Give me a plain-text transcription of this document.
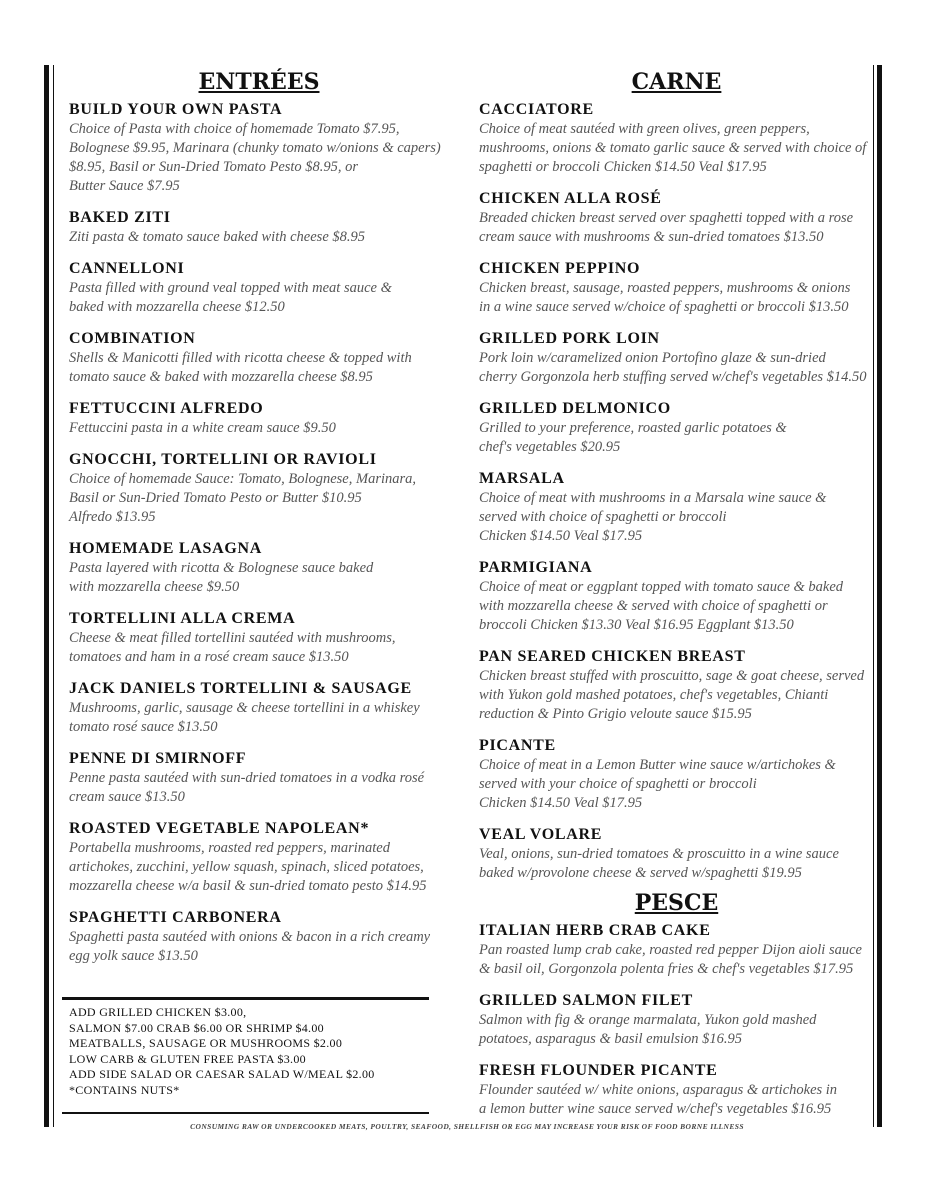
ENTRÉES
BUILD YOUR OWN PASTA
Choice of Pasta with choice of homemade Tomato $7.95,
Bolognese $9.95, Marinara (chunky tomato w/onions & capers)
$8.95, Basil or Sun-Dried Tomato Pesto $8.95, or
Butter Sauce $7.95
BAKED ZITI
Ziti pasta & tomato sauce baked with cheese $8.95
CANNELLONI
Pasta filled with ground veal topped with meat sauce &
baked with mozzarella cheese $12.50
COMBINATION
Shells & Manicotti filled with ricotta cheese & topped with
tomato sauce & baked with mozzarella cheese $8.95
FETTUCCINI ALFREDO
Fettuccini pasta in a white cream sauce $9.50
GNOCCHI, TORTELLINI OR RAVIOLI
Choice of homemade Sauce: Tomato, Bolognese, Marinara,
Basil or Sun-Dried Tomato Pesto or Butter $10.95
Alfredo $13.95
HOMEMADE LASAGNA
Pasta layered with ricotta & Bolognese sauce baked
with mozzarella cheese $9.50
TORTELLINI ALLA CREMA
Cheese & meat filled tortellini sautéed with mushrooms,
tomatoes and ham in a rosé cream sauce $13.50
JACK DANIELS TORTELLINI & SAUSAGE
Mushrooms, garlic, sausage & cheese tortellini in a whiskey
tomato rosé sauce $13.50
PENNE DI SMIRNOFF
Penne pasta sautéed with sun-dried tomatoes in a vodka rosé
cream sauce $13.50
ROASTED VEGETABLE NAPOLEAN*
Portabella mushrooms, roasted red peppers, marinated
artichokes, zucchini, yellow squash, spinach, sliced potatoes,
mozzarella cheese w/a basil & sun-dried tomato pesto $14.95
SPAGHETTI CARBONERA
Spaghetti pasta sautéed with onions & bacon in a rich creamy
egg yolk sauce $13.50
CARNE
CACCIATORE
Choice of meat sautéed with green olives, green peppers,
mushrooms, onions & tomato garlic sauce & served with choice of
spaghetti or broccoli Chicken $14.50 Veal $17.95
CHICKEN ALLA ROSÉ
Breaded chicken breast served over spaghetti topped with a rose
cream sauce with mushrooms & sun-dried tomatoes $13.50
CHICKEN PEPPINO
Chicken breast, sausage, roasted peppers, mushrooms & onions
in a wine sauce served w/choice of spaghetti or broccoli $13.50
GRILLED PORK LOIN
Pork loin w/caramelized onion Portofino glaze & sun-dried
cherry Gorgonzola herb stuffing served w/chef's vegetables $14.50
GRILLED DELMONICO
Grilled to your preference, roasted garlic potatoes &
chef's vegetables $20.95
MARSALA
Choice of meat with mushrooms in a Marsala wine sauce &
served with choice of spaghetti or broccoli
Chicken $14.50 Veal $17.95
PARMIGIANA
Choice of meat or eggplant topped with tomato sauce & baked
with mozzarella cheese & served with choice of spaghetti or
broccoli Chicken $13.30 Veal $16.95 Eggplant $13.50
PAN SEARED CHICKEN BREAST
Chicken breast stuffed with proscuitto, sage & goat cheese, served
with Yukon gold mashed potatoes, chef's vegetables, Chianti
reduction & Pinto Grigio veloute sauce $15.95
PICANTE
Choice of meat in a Lemon Butter wine sauce w/artichokes &
served with your choice of spaghetti or broccoli
Chicken $14.50 Veal $17.95
VEAL VOLARE
Veal, onions, sun-dried tomatoes & proscuitto in a wine sauce
baked w/provolone cheese & served w/spaghetti $19.95
PESCE
ITALIAN HERB CRAB CAKE
Pan roasted lump crab cake, roasted red pepper Dijon aioli sauce
& basil oil, Gorgonzola polenta fries & chef's vegetables $17.95
GRILLED SALMON FILET
Salmon with fig & orange marmalata, Yukon gold mashed
potatoes, asparagus & basil emulsion $16.95
FRESH FLOUNDER PICANTE
Flounder sautéed w/ white onions, asparagus & artichokes in
a lemon butter wine sauce served w/chef's vegetables $16.95
ADD GRILLED CHICKEN $3.00,
SALMON $7.00 CRAB $6.00 OR SHRIMP $4.00
MEATBALLS, SAUSAGE OR MUSHROOMS $2.00
LOW CARB & GLUTEN FREE PASTA $3.00
ADD SIDE SALAD OR CAESAR SALAD W/MEAL $2.00
*CONTAINS NUTS*
CONSUMING RAW OR UNDERCOOKED MEATS, POULTRY, SEAFOOD, SHELLFISH OR EGG MAY INCREASE YOUR RISK OF FOOD BORNE ILLNESS
